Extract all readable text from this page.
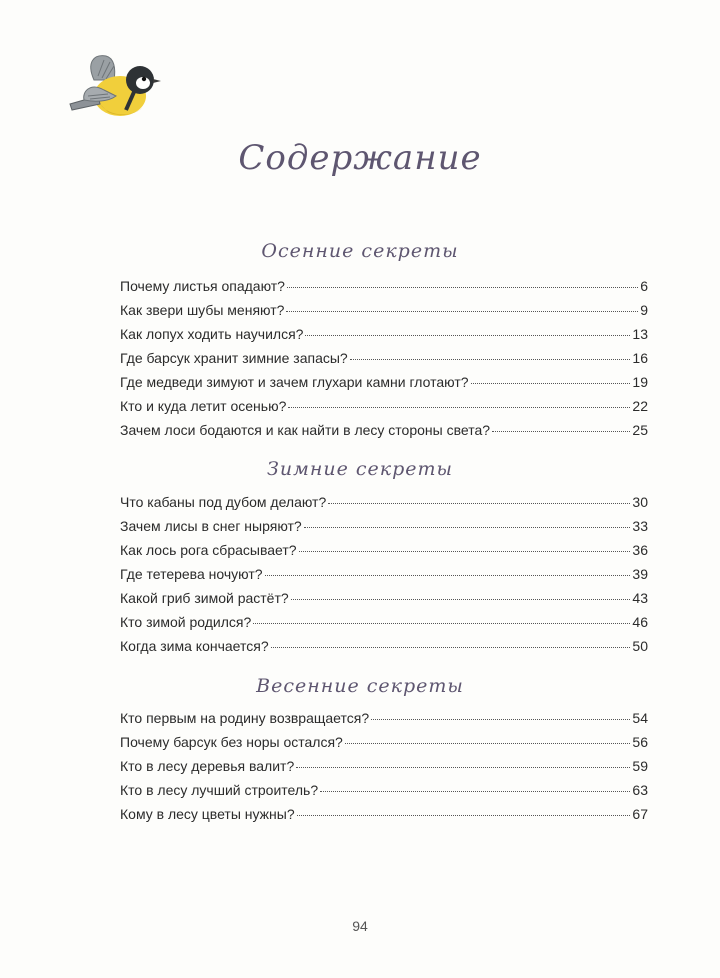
Содержание
Осенние секреты
Почему листья опадают?	6
Как звери шубы меняют?	9
Как лопух ходить научился?	13
Где барсук хранит зимние запасы?	16
Где медведи зимуют и зачем глухари камни глотают?	19
Кто и куда летит осенью?	22
Зачем лоси бодаются и как найти в лесу стороны света?	25
Зимние секреты
Что кабаны под дубом делают?	30
Зачем лисы в снег ныряют?	33
Как лось рога сбрасывает?	36
Где тетерева ночуют?	39
Какой гриб зимой растёт?	43
Кто зимой родился?	46
Когда зима кончается?	50
Весенние секреты
Кто первым на родину возвращается?	54
Почему барсук без норы остался?	56
Кто в лесу деревья валит?	59
Кто в лесу лучший строитель?	63
Кому в лесу цветы нужны?	67
94
